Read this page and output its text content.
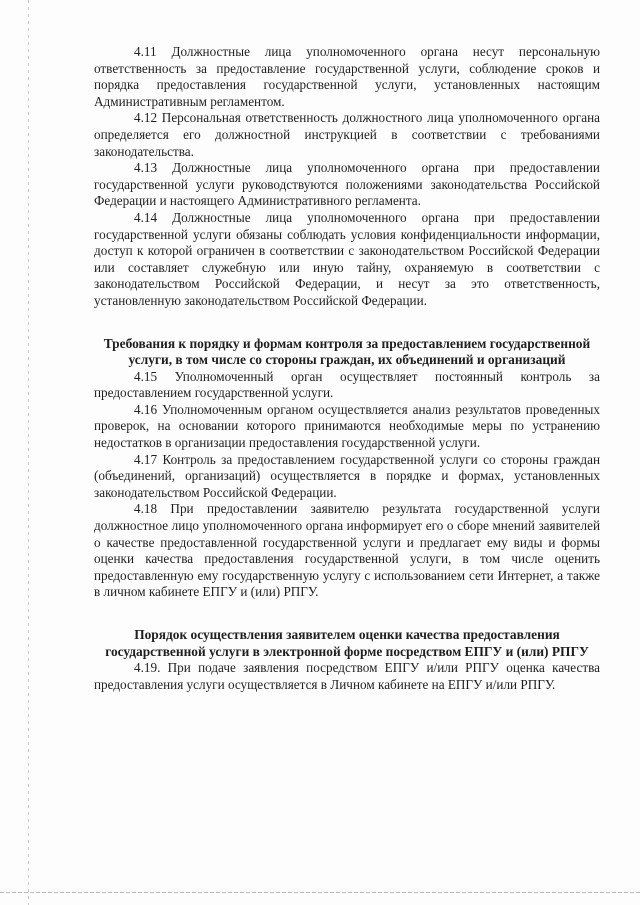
4.11 Должностные лица уполномоченного органа несут персональную ответственность за предоставление государственной услуги, соблюдение сроков и порядка предоставления государственной услуги, установленных настоящим Административным регламентом.

4.12 Персональная ответственность должностного лица уполномоченного органа определяется его должностной инструкцией в соответствии с требованиями законодательства.

4.13 Должностные лица уполномоченного органа при предоставлении государственной услуги руководствуются положениями законодательства Российской Федерации и настоящего Административного регламента.

4.14 Должностные лица уполномоченного органа при предоставлении государственной услуги обязаны соблюдать условия конфиденциальности информации, доступ к которой ограничен в соответствии с законодательством Российской Федерации или составляет служебную или иную тайну, охраняемую в соответствии с законодательством Российской Федерации, и несут за это ответственность, установленную законодательством Российской Федерации.

Требования к порядку и формам контроля за предоставлением государственной услуги, в том числе со стороны граждан, их объединений и организаций

4.15 Уполномоченный орган осуществляет постоянный контроль за предоставлением государственной услуги.

4.16 Уполномоченным органом осуществляется анализ результатов проведенных проверок, на основании которого принимаются необходимые меры по устранению недостатков в организации предоставления государственной услуги.

4.17 Контроль за предоставлением государственной услуги со стороны граждан (объединений, организаций) осуществляется в порядке и формах, установленных законодательством Российской Федерации.

4.18 При предоставлении заявителю результата государственной услуги должностное лицо уполномоченного органа информирует его о сборе мнений заявителей о качестве предоставленной государственной услуги и предлагает ему виды и формы оценки качества предоставления государственной услуги, в том числе оценить предоставленную ему государственную услугу с использованием сети Интернет, а также в личном кабинете ЕПГУ и (или) РПГУ.

Порядок осуществления заявителем оценки качества предоставления государственной услуги в электронной форме посредством ЕПГУ и (или) РПГУ

4.19. При подаче заявления посредством ЕПГУ и/или РПГУ оценка качества предоставления услуги осуществляется в Личном кабинете на ЕПГУ и/или РПГУ.
